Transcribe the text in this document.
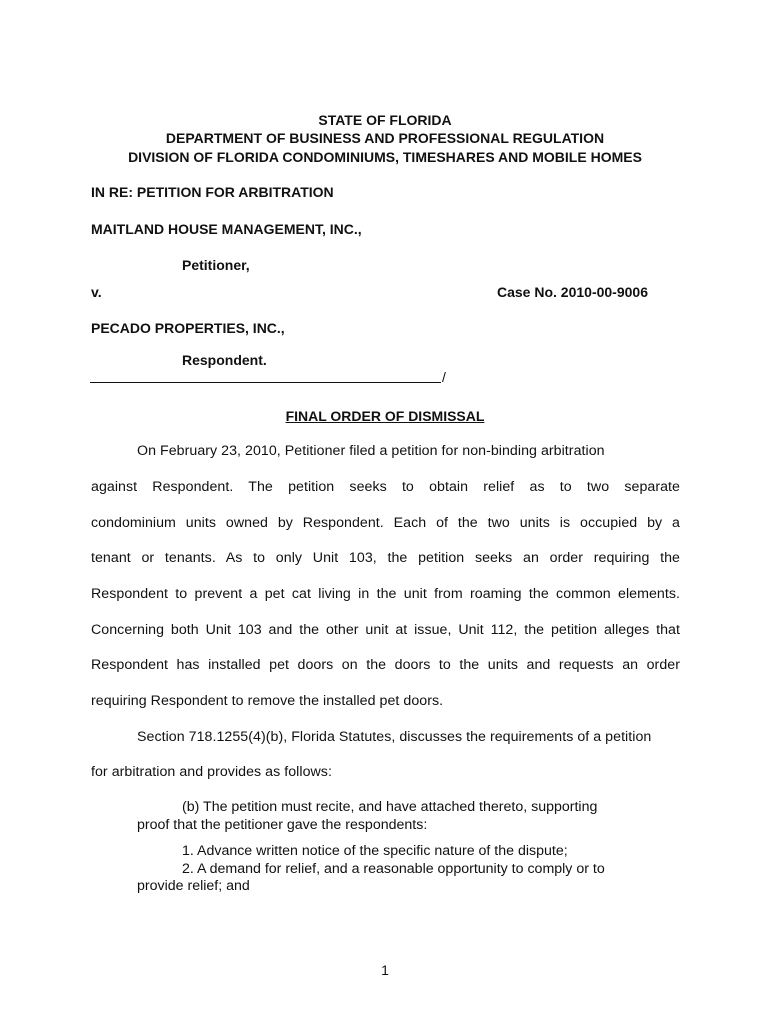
STATE OF FLORIDA
DEPARTMENT OF BUSINESS AND PROFESSIONAL REGULATION
DIVISION OF FLORIDA CONDOMINIUMS, TIMESHARES AND MOBILE HOMES
IN RE: PETITION FOR ARBITRATION
MAITLAND HOUSE MANAGEMENT, INC.,
Petitioner,
v.	Case No. 2010-00-9006
PECADO PROPERTIES, INC.,
Respondent.
/
FINAL ORDER OF DISMISSAL
On February 23, 2010, Petitioner filed a petition for non-binding arbitration
against Respondent. The petition seeks to obtain relief as to two separate
condominium units owned by Respondent. Each of the two units is occupied by a
tenant or tenants. As to only Unit 103, the petition seeks an order requiring the
Respondent to prevent a pet cat living in the unit from roaming the common elements.
Concerning both Unit 103 and the other unit at issue, Unit 112, the petition alleges that
Respondent has installed pet doors on the doors to the units and requests an order
requiring Respondent to remove the installed pet doors.
Section 718.1255(4)(b), Florida Statutes, discusses the requirements of a petition
for arbitration and provides as follows:
(b) The petition must recite, and have attached thereto, supporting
proof that the petitioner gave the respondents:
1. Advance written notice of the specific nature of the dispute;
2. A demand for relief, and a reasonable opportunity to comply or to
provide relief; and
1
